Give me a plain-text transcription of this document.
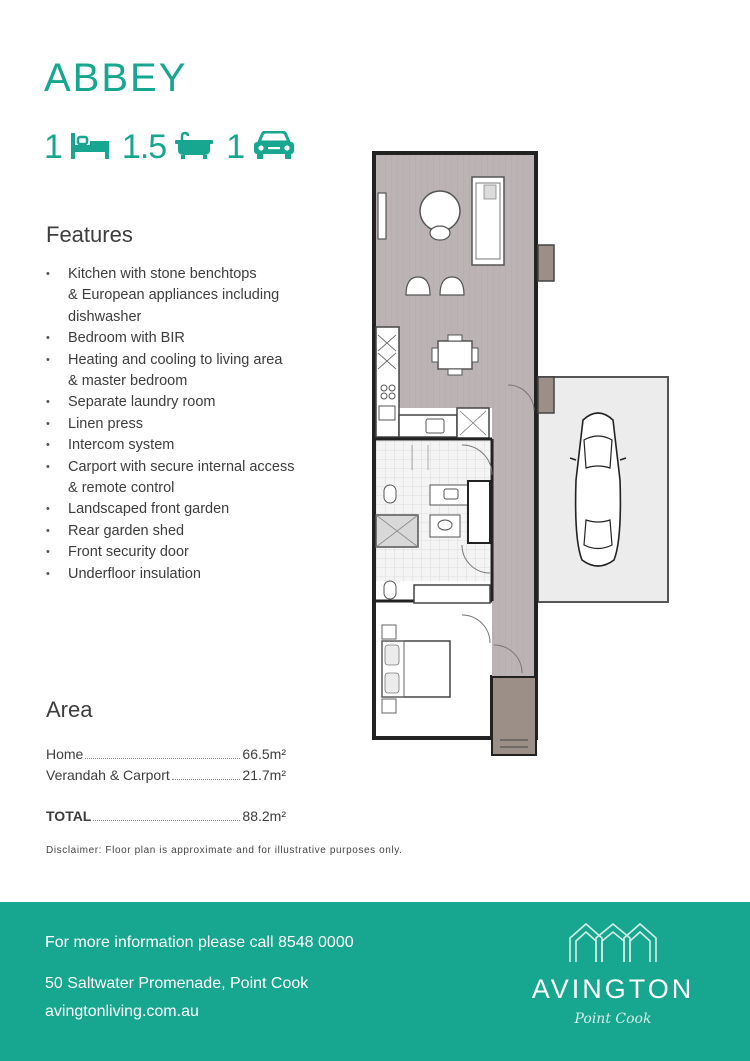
ABBEY
1 1.5 1
Features
• Kitchen with stone benchtops
& European appliances including
dishwasher
• Bedroom with BIR
• Heating and cooling to living area
& master bedroom
• Separate laundry room
• Linen press
• Intercom system
• Carport with secure internal access
& remote control
• Landscaped front garden
• Rear garden shed
• Front security door
• Underfloor insulation
Area
Home	66.5m²
Verandah & Carport	21.7m²
TOTAL	88.2m²

Disclaimer: Floor plan is approximate and for illustrative purposes only.

For more information please call 8548 0000

50 Saltwater Promenade, Point Cook

avingtonliving.com.au

AVINGTON

Point Cook
